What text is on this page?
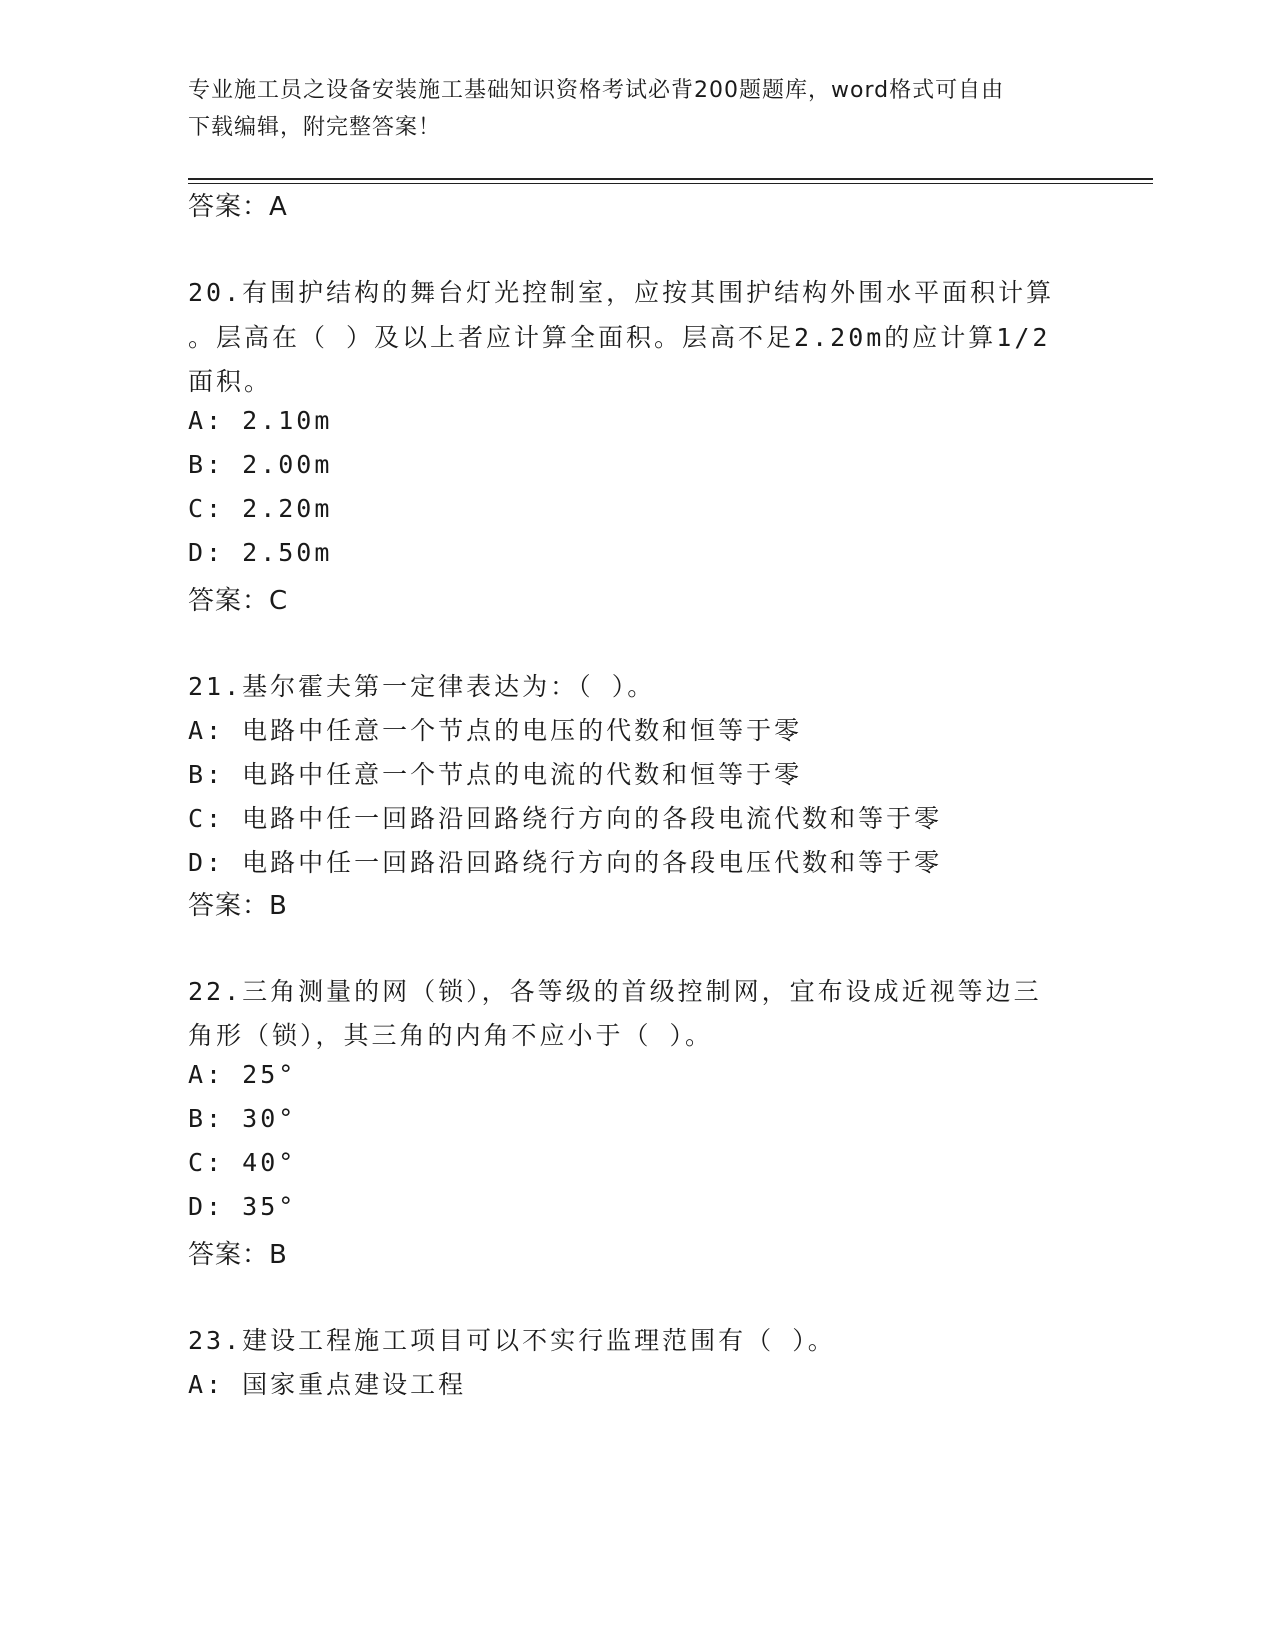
专业施工员之设备安装施工基础知识资格考试必背200题题库，word格式可自由
下载编辑，附完整答案！
答案：A
20.有围护结构的舞台灯光控制室，应按其围护结构外围水平面积计算
。层高在（ ）及以上者应计算全面积。层高不足2.20m的应计算1/2
面积。
A: 2.10m
B: 2.00m
C: 2.20m
D: 2.50m
答案：C
21.基尔霍夫第一定律表达为：（ ）。
A: 电路中任意一个节点的电压的代数和恒等于零
B: 电路中任意一个节点的电流的代数和恒等于零
C: 电路中任一回路沿回路绕行方向的各段电流代数和等于零
D: 电路中任一回路沿回路绕行方向的各段电压代数和等于零
答案：B
22.三角测量的网（锁），各等级的首级控制网，宜布设成近视等边三
角形（锁），其三角的内角不应小于（ ）。
A: 25°
B: 30°
C: 40°
D: 35°
答案：B
23.建设工程施工项目可以不实行监理范围有（ ）。
A: 国家重点建设工程
